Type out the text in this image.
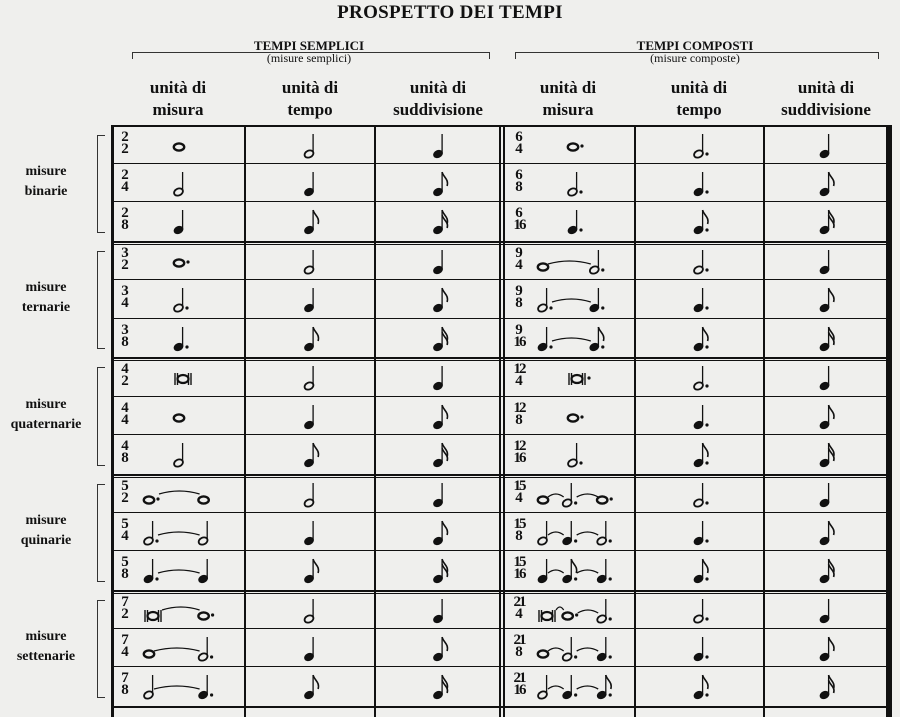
PROSPETTO DEI TEMPI
TEMPI SEMPLICI
(misure semplici)
TEMPI COMPOSTI
(misure composte)
unità di
misura
unità di
tempo
unità di
suddivisione
unità di
misura
unità di
tempo
unità di
suddivisione
misure
binarie
misure
ternarie
misure
quaternarie
misure
quinarie
misure
settenarie
2
2
6
4
2
4
6
8
2
8
6
16
3
2
9
4
3
4
9
8
3
8
9
16
4
2
12
4
4
4
12
8
4
8
12
16
5
2
15
4
5
4
15
8
5
8
15
16
7
2
21
4
7
4
21
8
7
8
21
16
